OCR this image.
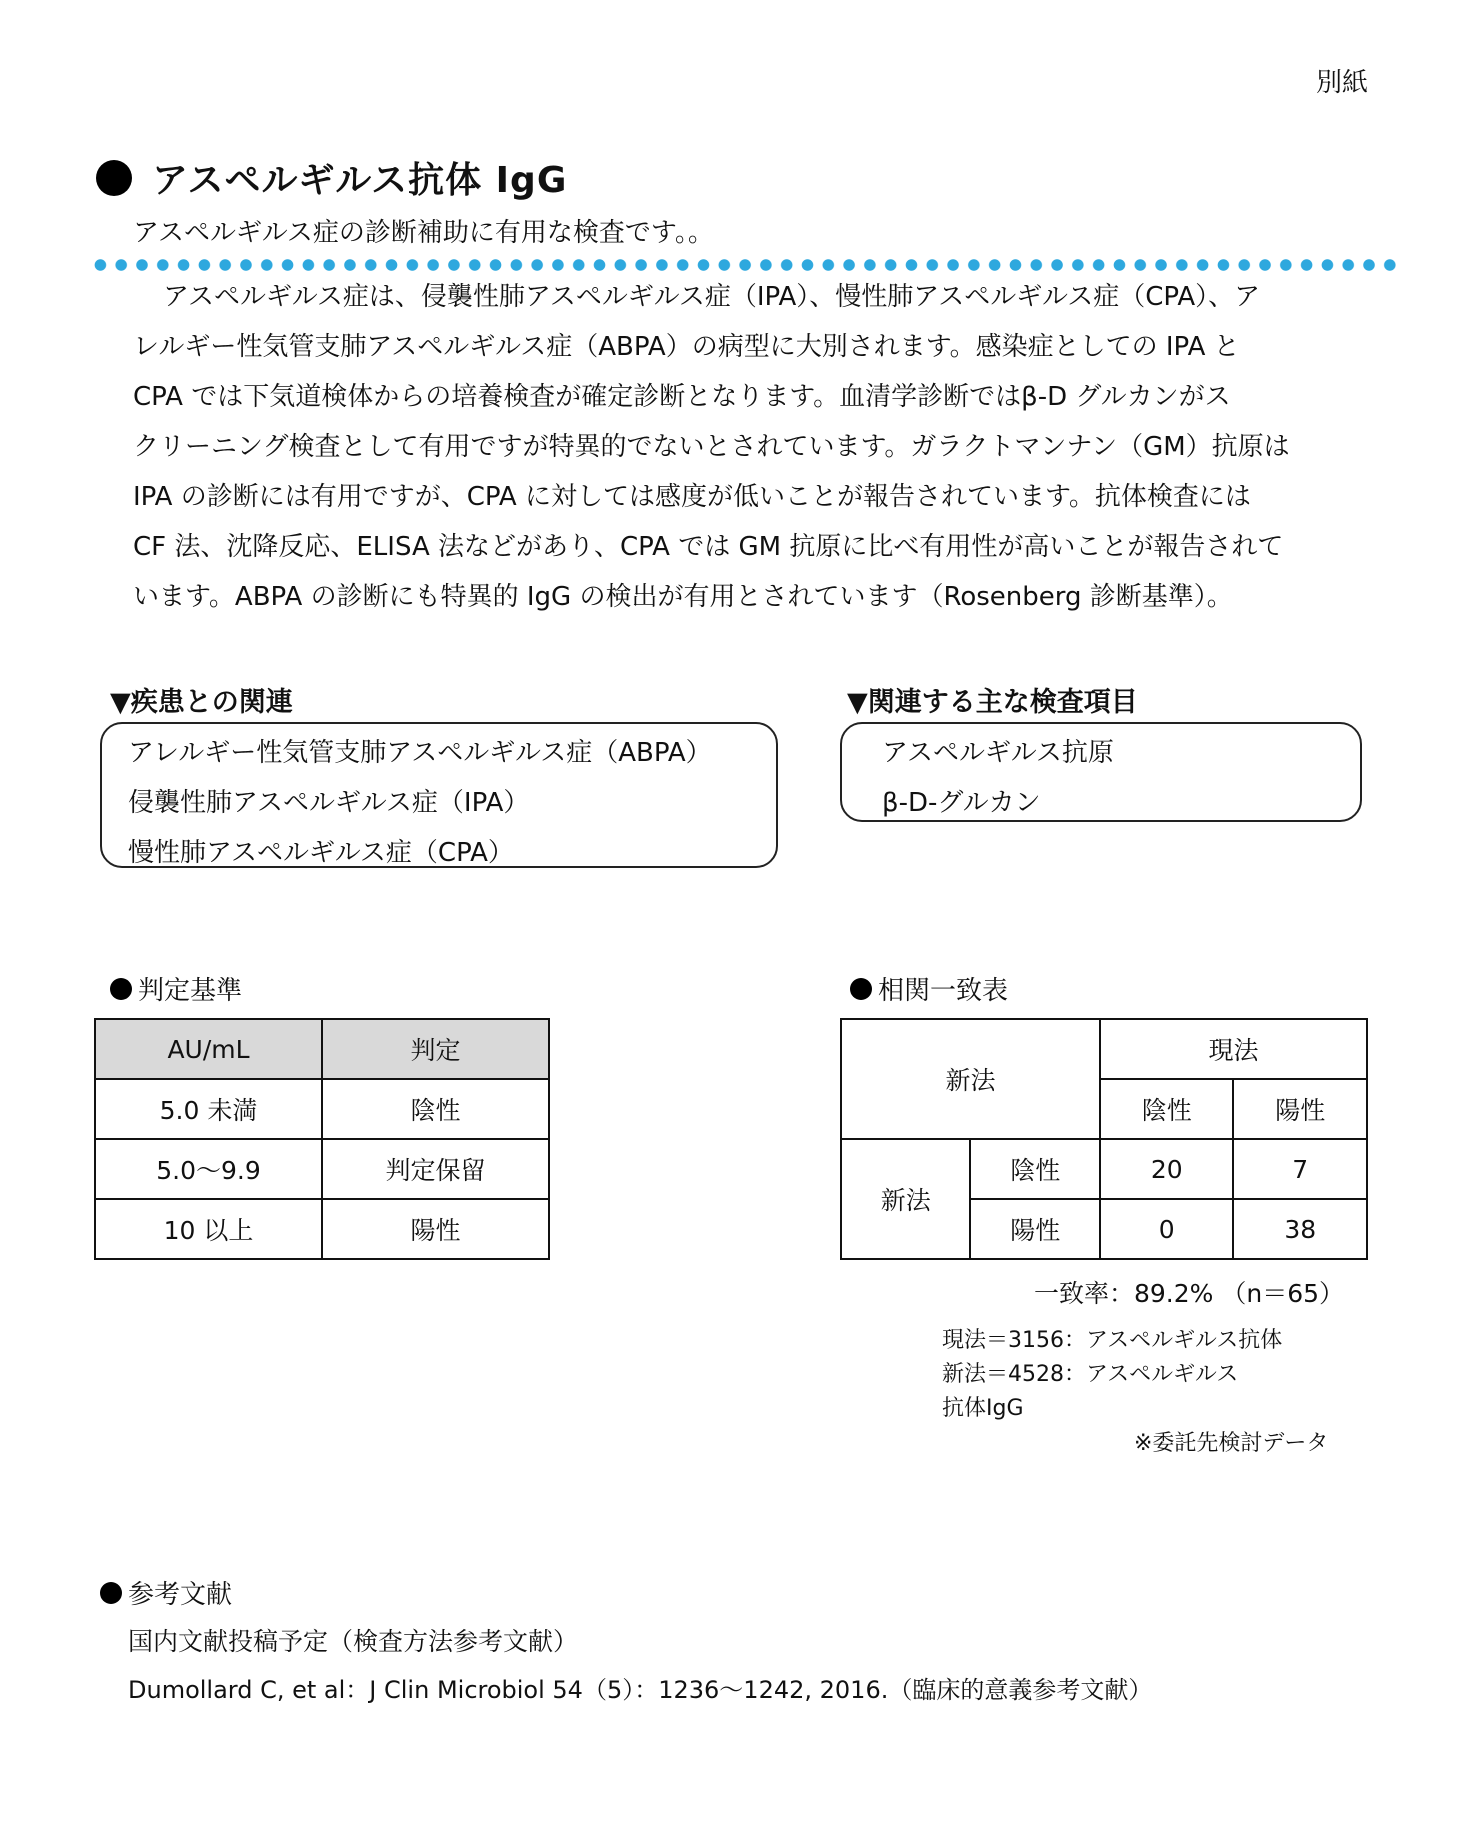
別紙
アスペルギルス抗体 IgG
アスペルギルス症の診断補助に有用な検査です。。
アスペルギルス症は、侵襲性肺アスペルギルス症（IPA）、慢性肺アスペルギルス症（CPA）、ア
レルギー性気管支肺アスペルギルス症（ABPA）の病型に大別されます。感染症としての IPA と
CPA では下気道検体からの培養検査が確定診断となります。血清学診断ではβ-D グルカンがス
クリーニング検査として有用ですが特異的でないとされています。ガラクトマンナン（GM）抗原は
IPA の診断には有用ですが、CPA に対しては感度が低いことが報告されています。抗体検査には
CF 法、沈降反応、ELISA 法などがあり、CPA では GM 抗原に比べ有用性が高いことが報告されて
います。ABPA の診断にも特異的 IgG の検出が有用とされています（Rosenberg 診断基準）。
▼疾患との関連	▼関連する主な検査項目
アレルギー性気管支肺アスペルギルス症（ABPA）
侵襲性肺アスペルギルス症（IPA）
慢性肺アスペルギルス症（CPA）
アスペルギルス抗原
β-D-グルカン
判定基準	相関一致表
AU/mL	判定
5.0 未満	陰性
5.0〜9.9	判定保留
10 以上	陽性
新法		現法	
		陰性	陽性
新法	陰性	20	7
	陽性	0	38
一致率：89.2% （n＝65）
現法＝3156：アスペルギルス抗体
新法＝4528：アスペルギルス
抗体IgG
※委託先検討データ
参考文献
国内文献投稿予定（検査方法参考文献）
Dumollard C, et al：J Clin Microbiol 54（5）：1236〜1242, 2016.（臨床的意義参考文献）
